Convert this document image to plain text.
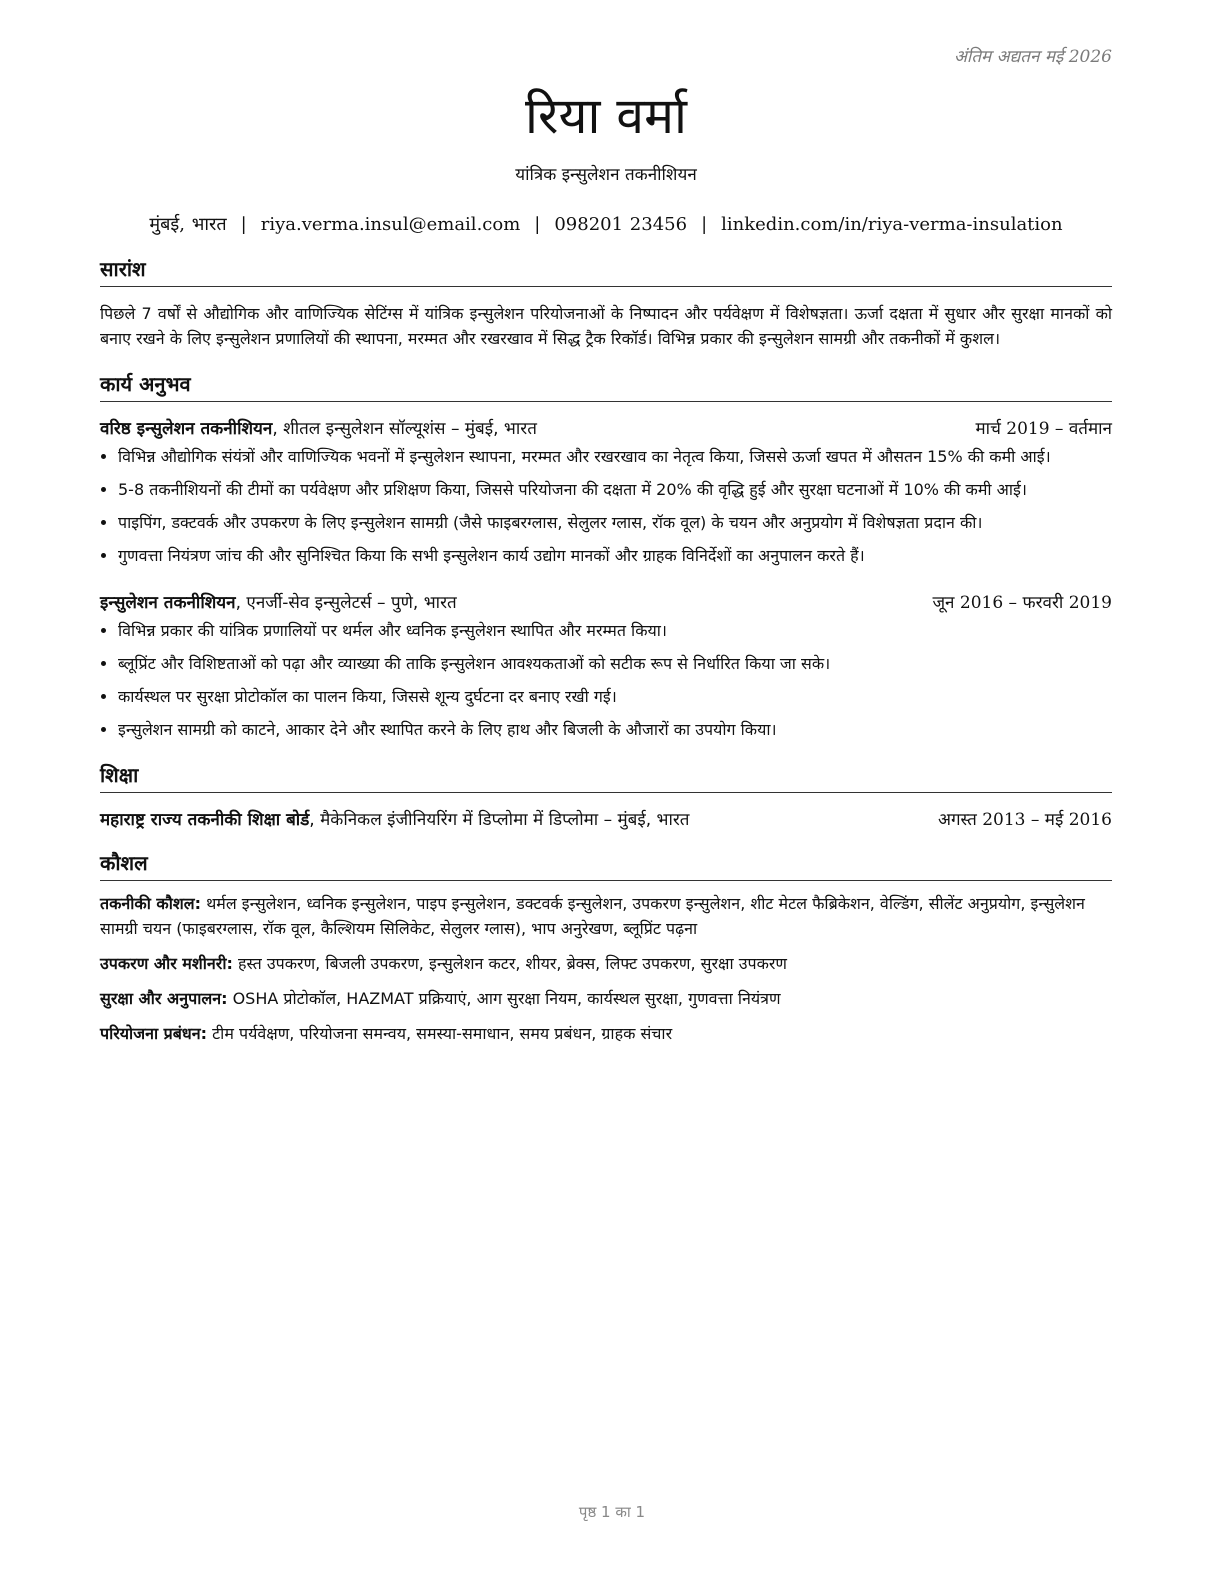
अंतिम अद्यतन मई 2026
रिया वर्मा
यांत्रिक इन्सुलेशन तकनीशियन
मुंबई, भारत | riya.verma.insul@email.com | 098201 23456 | linkedin.com/in/riya-verma-insulation
सारांश
पिछले 7 वर्षों से औद्योगिक और वाणिज्यिक सेटिंग्स में यांत्रिक इन्सुलेशन परियोजनाओं के निष्पादन और पर्यवेक्षण में विशेषज्ञता। ऊर्जा दक्षता में सुधार और सुरक्षा मानकों को बनाए रखने के लिए इन्सुलेशन प्रणालियों की स्थापना, मरम्मत और रखरखाव में सिद्ध ट्रैक रिकॉर्ड। विभिन्न प्रकार की इन्सुलेशन सामग्री और तकनीकों में कुशल।
कार्य अनुभव
वरिष्ठ इन्सुलेशन तकनीशियन, शीतल इन्सुलेशन सॉल्यूशंस – मुंबई, भारत	मार्च 2019 – वर्तमान
• विभिन्न औद्योगिक संयंत्रों और वाणिज्यिक भवनों में इन्सुलेशन स्थापना, मरम्मत और रखरखाव का नेतृत्व किया, जिससे ऊर्जा खपत में औसतन 15% की कमी आई।
• 5-8 तकनीशियनों की टीमों का पर्यवेक्षण और प्रशिक्षण किया, जिससे परियोजना की दक्षता में 20% की वृद्धि हुई और सुरक्षा घटनाओं में 10% की कमी आई।
• पाइपिंग, डक्टवर्क और उपकरण के लिए इन्सुलेशन सामग्री (जैसे फाइबरग्लास, सेलुलर ग्लास, रॉक वूल) के चयन और अनुप्रयोग में विशेषज्ञता प्रदान की।
• गुणवत्ता नियंत्रण जांच की और सुनिश्चित किया कि सभी इन्सुलेशन कार्य उद्योग मानकों और ग्राहक विनिर्देशों का अनुपालन करते हैं।
इन्सुलेशन तकनीशियन, एनर्जी-सेव इन्सुलेटर्स – पुणे, भारत	जून 2016 – फरवरी 2019
• विभिन्न प्रकार की यांत्रिक प्रणालियों पर थर्मल और ध्वनिक इन्सुलेशन स्थापित और मरम्मत किया।
• ब्लूप्रिंट और विशिष्टताओं को पढ़ा और व्याख्या की ताकि इन्सुलेशन आवश्यकताओं को सटीक रूप से निर्धारित किया जा सके।
• कार्यस्थल पर सुरक्षा प्रोटोकॉल का पालन किया, जिससे शून्य दुर्घटना दर बनाए रखी गई।
• इन्सुलेशन सामग्री को काटने, आकार देने और स्थापित करने के लिए हाथ और बिजली के औजारों का उपयोग किया।
शिक्षा
महाराष्ट्र राज्य तकनीकी शिक्षा बोर्ड, मैकेनिकल इंजीनियरिंग में डिप्लोमा में डिप्लोमा – मुंबई, भारत	अगस्त 2013 – मई 2016
कौशल

तकनीकी कौशल: थर्मल इन्सुलेशन, ध्वनिक इन्सुलेशन, पाइप इन्सुलेशन, डक्टवर्क इन्सुलेशन, उपकरण इन्सुलेशन, शीट मेटल फैब्रिकेशन, वेल्डिंग, सीलेंट अनुप्रयोग, इन्सुलेशन सामग्री चयन (फाइबरग्लास, रॉक वूल, कैल्शियम सिलिकेट, सेलुलर ग्लास), भाप अनुरेखण, ब्लूप्रिंट पढ़ना

उपकरण और मशीनरी: हस्त उपकरण, बिजली उपकरण, इन्सुलेशन कटर, शीयर, ब्रेक्स, लिफ्ट उपकरण, सुरक्षा उपकरण

सुरक्षा और अनुपालन: OSHA प्रोटोकॉल, HAZMAT प्रक्रियाएं, आग सुरक्षा नियम, कार्यस्थल सुरक्षा, गुणवत्ता नियंत्रण

परियोजना प्रबंधन: टीम पर्यवेक्षण, परियोजना समन्वय, समस्या-समाधान, समय प्रबंधन, ग्राहक संचार

पृष्ठ 1 का 1
